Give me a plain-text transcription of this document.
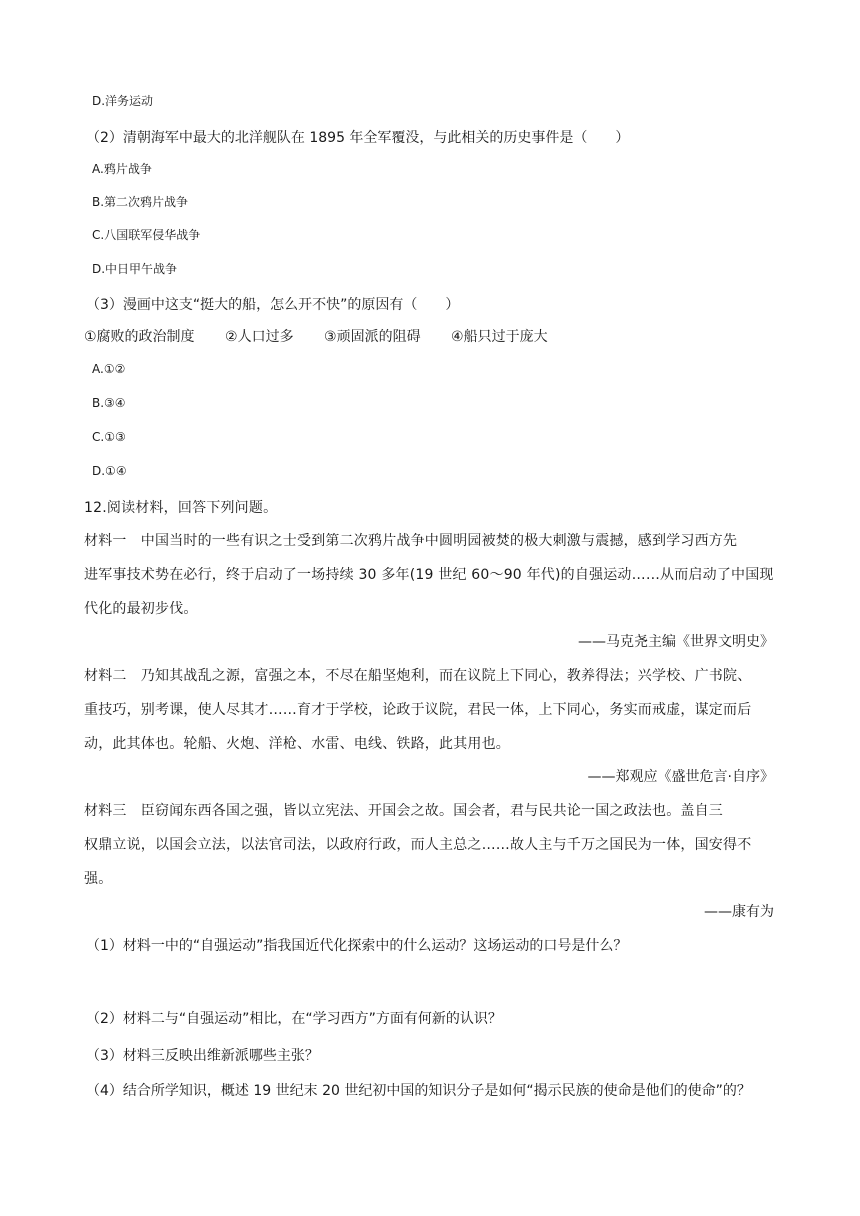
D.洋务运动
（2）清朝海军中最大的北洋舰队在 1895 年全军覆没，与此相关的历史事件是（　　）
A.鸦片战争
B.第二次鸦片战争
C.八国联军侵华战争
D.中日甲午战争
（3）漫画中这支“挺大的船，怎么开不快”的原因有（　　）
①腐败的政治制度 ②人口过多 ③顽固派的阻碍 ④船只过于庞大
A.①②
B.③④
C.①③
D.①④
12.阅读材料，回答下列问题。
材料一　中国当时的一些有识之士受到第二次鸦片战争中圆明园被焚的极大刺激与震撼，感到学习西方先
进军事技术势在必行，终于启动了一场持续 30 多年(19 世纪 60～90 年代)的自强运动……从而启动了中国现
代化的最初步伐。
——马克尧主编《世界文明史》
材料二　乃知其战乱之源，富强之本，不尽在船坚炮利，而在议院上下同心，教养得法；兴学校、广书院、
重技巧，别考课，使人尽其才……育才于学校，论政于议院，君民一体，上下同心，务实而戒虚，谋定而后
动，此其体也。轮船、火炮、洋枪、水雷、电线、铁路，此其用也。
——郑观应《盛世危言·自序》
材料三　臣窃闻东西各国之强，皆以立宪法、开国会之故。国会者，君与民共论一国之政法也。盖自三
权鼎立说，以国会立法，以法官司法，以政府行政，而人主总之……故人主与千万之国民为一体，国安得不
强。
——康有为
（1）材料一中的“自强运动”指我国近代化探索中的什么运动？这场运动的口号是什么？
（2）材料二与“自强运动”相比，在“学习西方”方面有何新的认识？
（3）材料三反映出维新派哪些主张？
（4）结合所学知识，概述 19 世纪末 20 世纪初中国的知识分子是如何“揭示民族的使命是他们的使命”的？
